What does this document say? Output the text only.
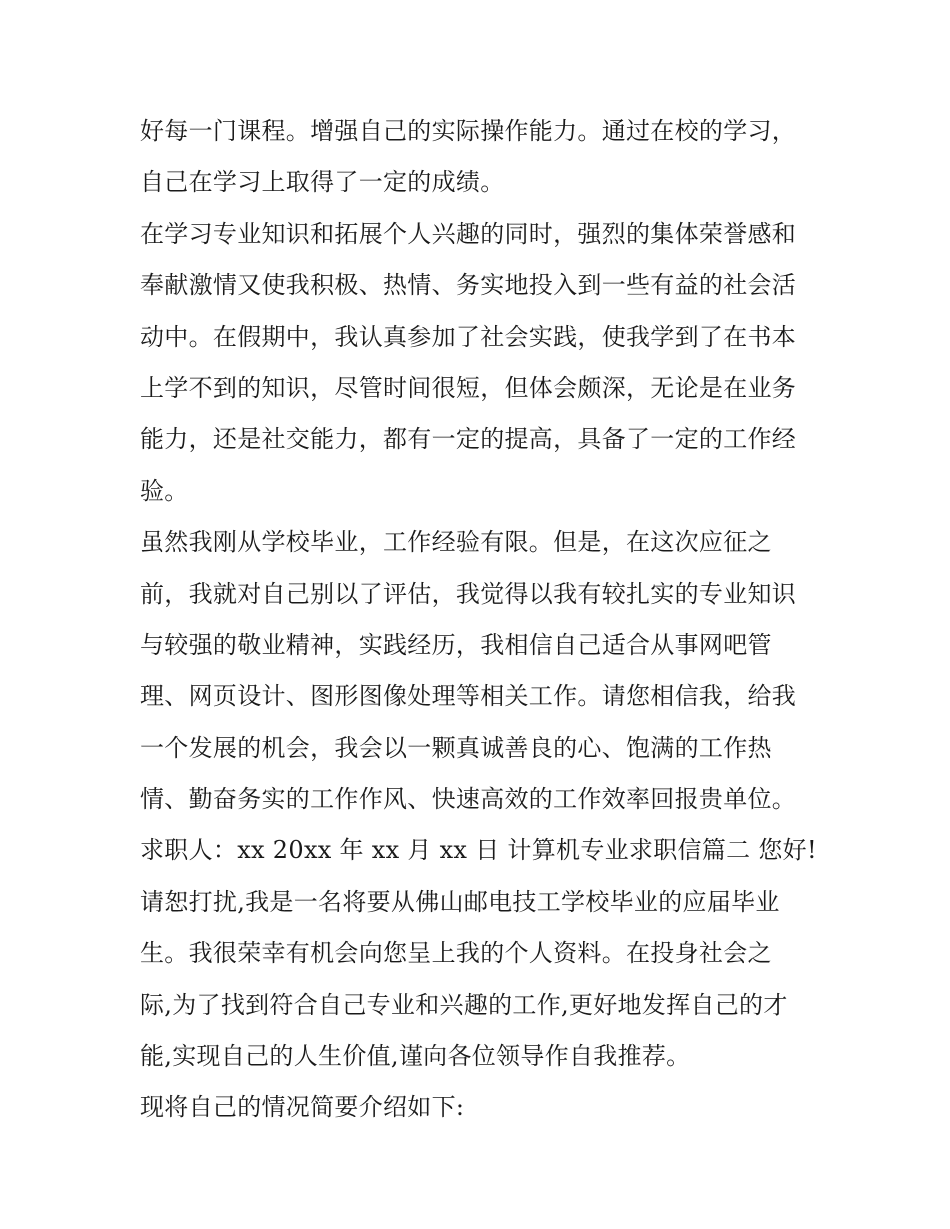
好每一门课程。增强自己的实际操作能力。通过在校的学习，
自己在学习上取得了一定的成绩。
在学习专业知识和拓展个人兴趣的同时，强烈的集体荣誉感和
奉献激情又使我积极、热情、务实地投入到一些有益的社会活
动中。在假期中，我认真参加了社会实践，使我学到了在书本
上学不到的知识，尽管时间很短，但体会颇深，无论是在业务
能力，还是社交能力，都有一定的提高，具备了一定的工作经
验。
虽然我刚从学校毕业，工作经验有限。但是，在这次应征之
前，我就对自己别以了评估，我觉得以我有较扎实的专业知识
与较强的敬业精神，实践经历，我相信自己适合从事网吧管
理、网页设计、图形图像处理等相关工作。请您相信我，给我
一个发展的机会，我会以一颗真诚善良的心、饱满的工作热
情、勤奋务实的工作作风、快速高效的工作效率回报贵单位。
求职人：xx 20xx 年 xx 月 xx 日 计算机专业求职信篇二 您好!
请恕打扰,我是一名将要从佛山邮电技工学校毕业的应届毕业
生。我很荣幸有机会向您呈上我的个人资料。在投身社会之
际,为了找到符合自己专业和兴趣的工作,更好地发挥自己的才
能,实现自己的人生价值,谨向各位领导作自我推荐。
现将自己的情况简要介绍如下:
